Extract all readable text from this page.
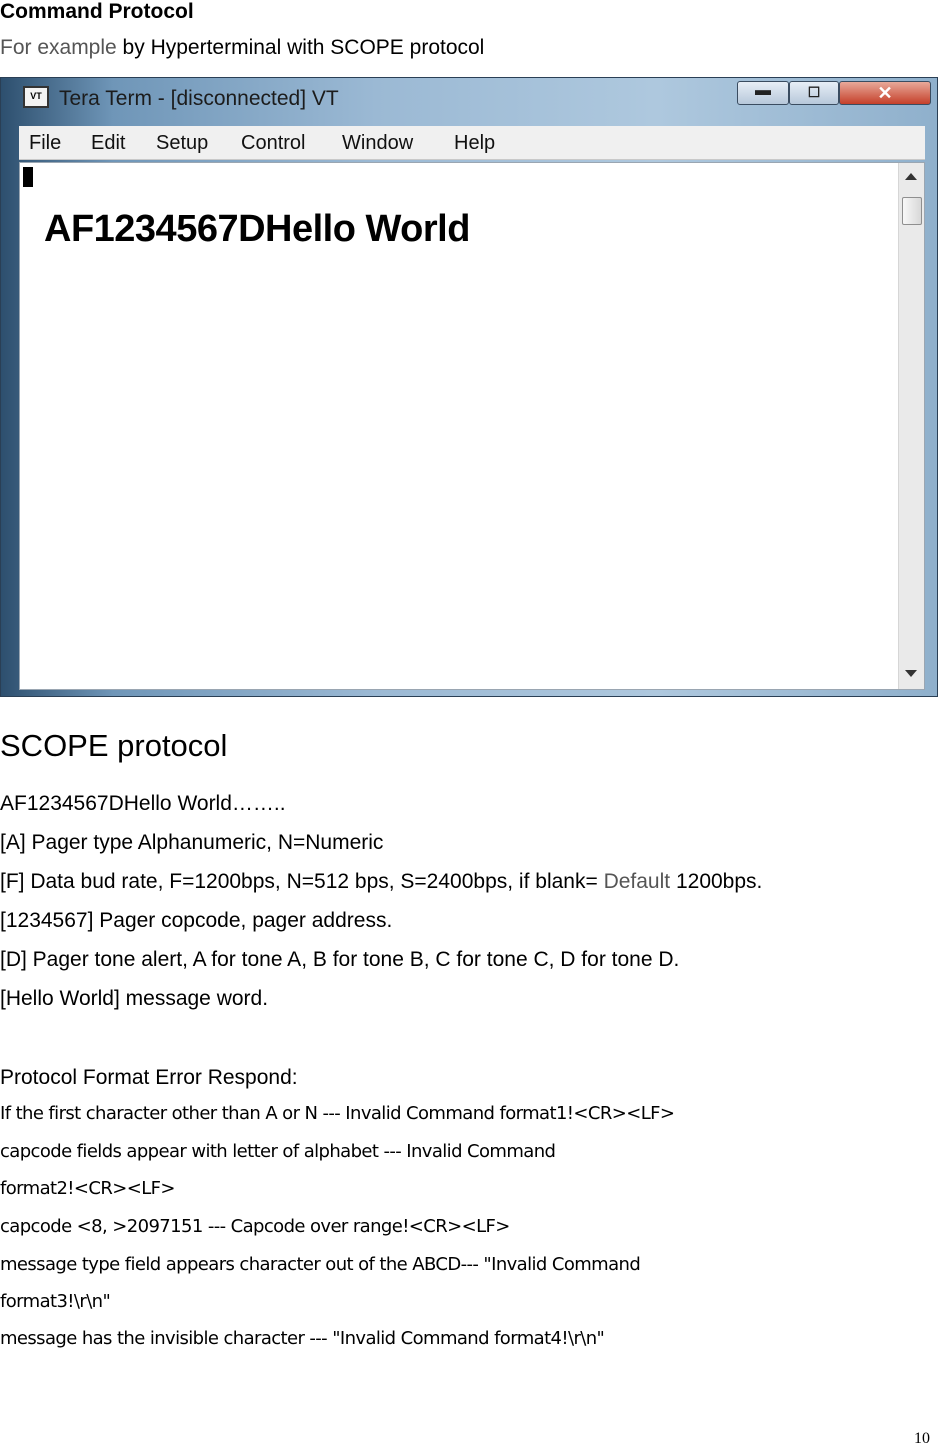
Command Protocol
For example by Hyperterminal with SCOPE protocol
VT Tera Term - [disconnected] VT	▬	☐	✕
File Edit Setup Control Window Help
AF1234567DHello World
SCOPE protocol
AF1234567DHello World……..
[A] Pager type Alphanumeric, N=Numeric
[F] Data bud rate, F=1200bps, N=512 bps, S=2400bps, if blank= Default 1200bps.
[1234567] Pager copcode, pager address.
[D] Pager tone alert, A for tone A, B for tone B, C for tone C, D for tone D.
[Hello World] message word.
Protocol Format Error Respond:
If the first character other than A or N --- Invalid Command format1!<CR><LF>
capcode fields appear with letter of alphabet --- Invalid Command
format2!<CR><LF>
capcode <8, >2097151 --- Capcode over range!<CR><LF>
message type field appears character out of the ABCD--- "Invalid Command
format3!\r\n"
message has the invisible character --- "Invalid Command format4!\r\n"
10
